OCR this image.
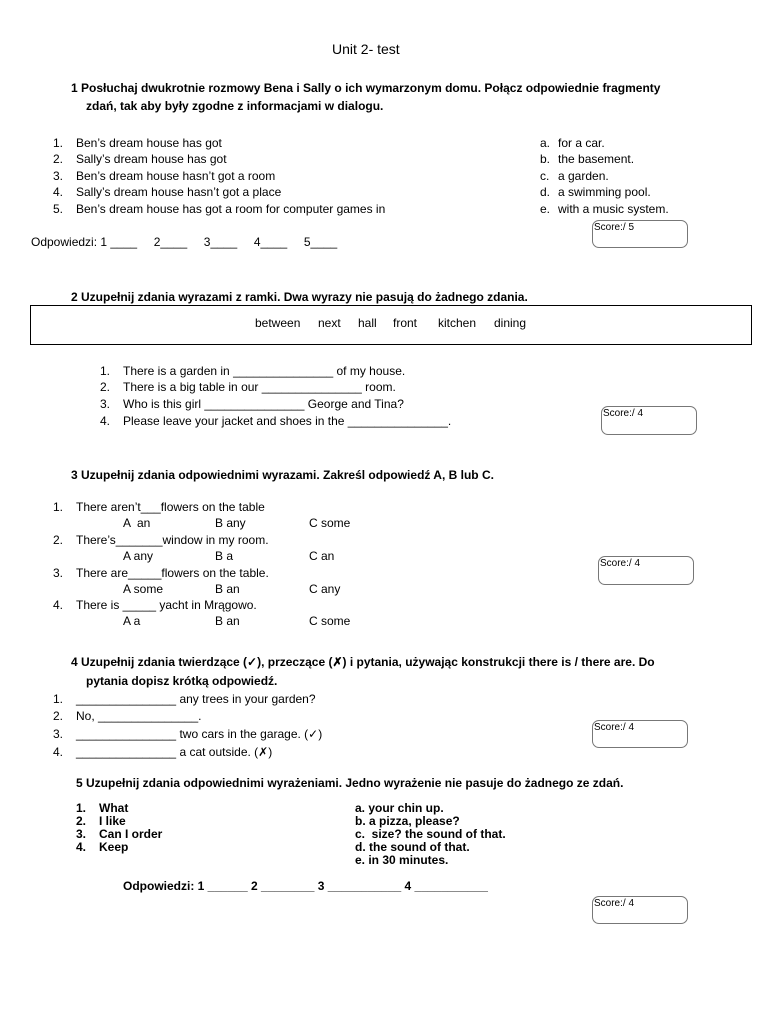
Unit 2- test
1 Posłuchaj dwukrotnie rozmowy Bena i Sally o ich wymarzonym domu. Połącz odpowiednie fragmenty
zdań, tak aby były zgodne z informacjami w dialogu.
1. Ben’s dream house has got
2. Sally’s dream house has got
3. Ben’s dream house hasn’t got a room
4. Sally’s dream house hasn’t got a place
5. Ben’s dream house has got a room for computer games in
a. for a car.
b. the basement.
c. a garden.
d. a swimming pool.
e. with a music system.
Odpowiedzi: 1 ____     2____     3____     4____     5____
Score:/ 5
2 Uzupełnij zdania wyrazami z ramki. Dwa wyrazy nie pasują do żadnego zdania.
between next hall front kitchen dining
1. There is a garden in _______________ of my house.
2. There is a big table in our _______________ room.
3. Who is this girl _______________ George and Tina?
4. Please leave your jacket and shoes in the _______________.
Score:/ 4
3 Uzupełnij zdania odpowiednimi wyrazami. Zakreśl odpowiedź A, B lub C.
1. There aren’t___flowers on the table
A  an	B any	C some
2. There’s_______window in my room.
A any	B a	C an
3. There are_____flowers on the table.
A some	B an	C any
4. There is _____ yacht in Mrągowo.
A a	B an	C some
Score:/ 4
4 Uzupełnij zdania twierdzące (✓), przeczące (✗) i pytania, używając konstrukcji there is / there are. Do
pytania dopisz krótką odpowiedź.
1. _______________ any trees in your garden?
2. No, _______________.
3. _______________ two cars in the garage. (✓)
4. _______________ a cat outside. (✗)
Score:/ 4
5 Uzupełnij zdania odpowiednimi wyrażeniami. Jedno wyrażenie nie pasuje do żadnego ze zdań.
1. What
2. I like
3. Can I order
4. Keep
a. your chin up.
b. a pizza, please?
c.  size? the sound of that.
d. the sound of that.
e. in 30 minutes.
Odpowiedzi: 1 ______ 2 ________ 3 ___________ 4 ___________
Score:/ 4
